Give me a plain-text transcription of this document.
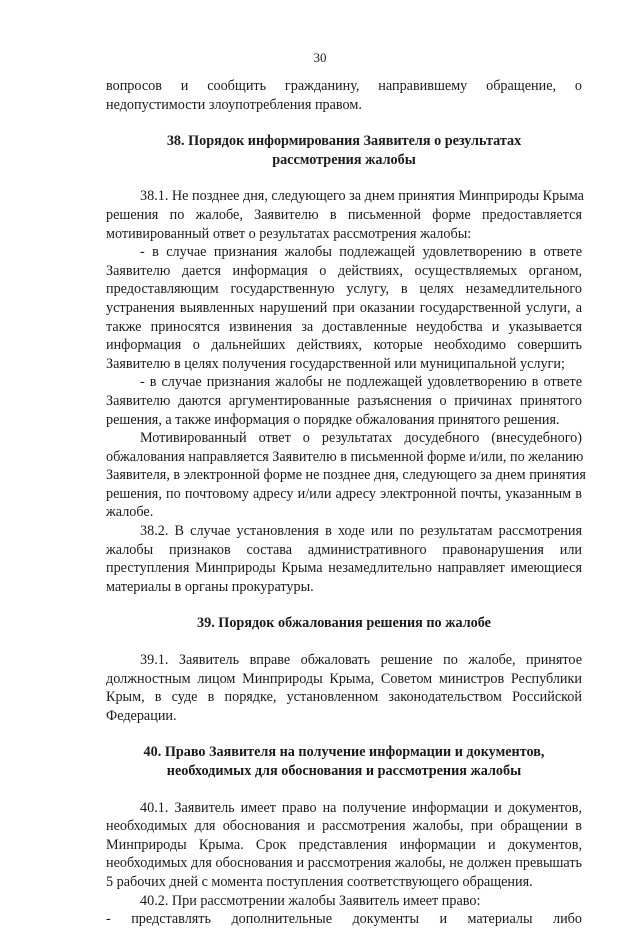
30
вопросов и сообщить гражданину, направившему обращение, о
недопустимости злоупотребления правом.
38. Порядок информирования Заявителя о результатах
рассмотрения жалобы
38.1. Не позднее дня, следующего за днем принятия Минприроды Крыма
решения по жалобе, Заявителю в письменной форме предоставляется
мотивированный ответ о результатах рассмотрения жалобы:
- в случае признания жалобы подлежащей удовлетворению в ответе
Заявителю дается информация о действиях, осуществляемых органом,
предоставляющим государственную услугу, в целях незамедлительного
устранения выявленных нарушений при оказании государственной услуги, а
также приносятся извинения за доставленные неудобства и указывается
информация о дальнейших действиях, которые необходимо совершить
Заявителю в целях получения государственной или муниципальной услуги;
- в случае признания жалобы не подлежащей удовлетворению в ответе
Заявителю даются аргументированные разъяснения о причинах принятого
решения, а также информация о порядке обжалования принятого решения.
Мотивированный ответ о результатах досудебного (внесудебного)
обжалования направляется Заявителю в письменной форме и/или, по желанию
Заявителя, в электронной форме не позднее дня, следующего за днем принятия
решения, по почтовому адресу и/или адресу электронной почты, указанным в
жалобе.
38.2. В случае установления в ходе или по результатам рассмотрения
жалобы признаков состава административного правонарушения или
преступления Минприроды Крыма незамедлительно направляет имеющиеся
материалы в органы прокуратуры.
39. Порядок обжалования решения по жалобе
39.1. Заявитель вправе обжаловать решение по жалобе, принятое
должностным лицом Минприроды Крыма, Советом министров Республики
Крым, в суде в порядке, установленном законодательством Российской
Федерации.
40. Право Заявителя на получение информации и документов,
необходимых для обоснования и рассмотрения жалобы
40.1. Заявитель имеет право на получение информации и документов,
необходимых для обоснования и рассмотрения жалобы, при обращении в
Минприроды Крыма. Срок представления информации и документов,
необходимых для обоснования и рассмотрения жалобы, не должен превышать
5 рабочих дней с момента поступления соответствующего обращения.
40.2. При рассмотрении жалобы Заявитель имеет право:
- представлять дополнительные документы и материалы либо
